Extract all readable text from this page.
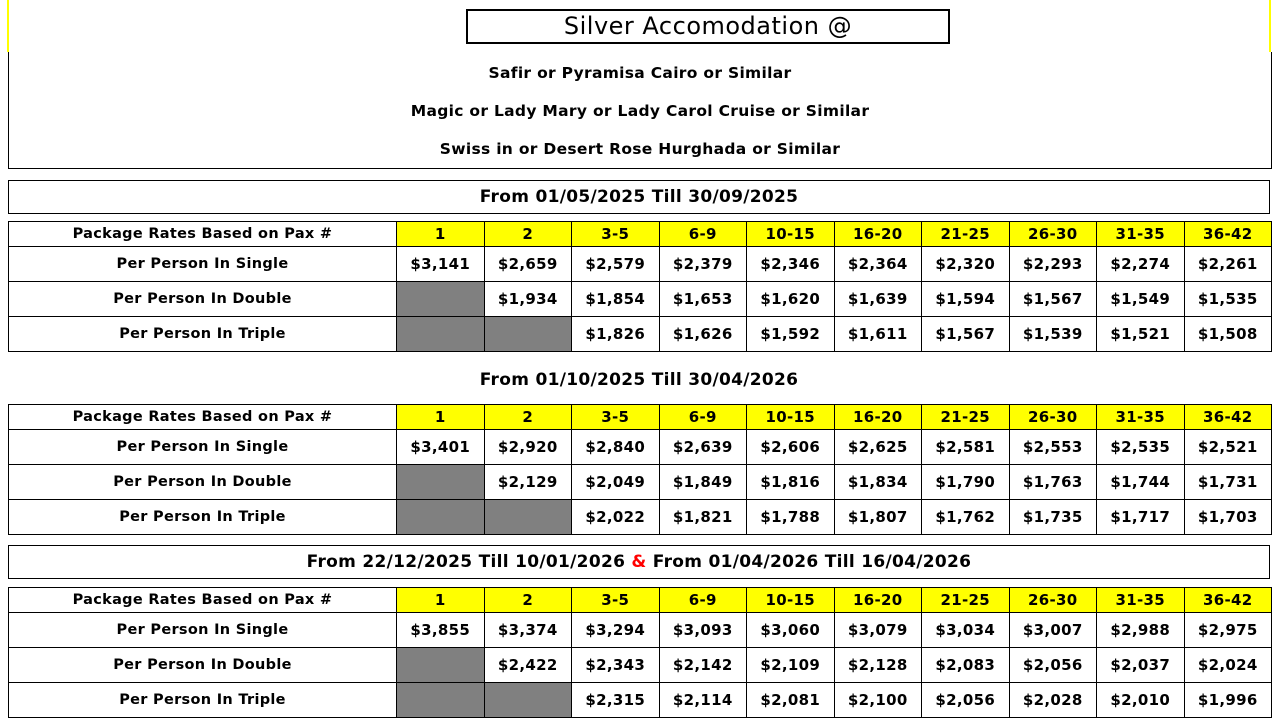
Silver Accomodation @
Safir or Pyramisa Cairo or Similar
Magic or Lady Mary or Lady Carol Cruise or Similar
Swiss in or Desert Rose Hurghada or Similar
From 01/05/2025 Till 30/09/2025
Package Rates Based on Pax #	1	2	3-5	6-9	10-15	16-20	21-25	26-30	31-35	36-42
Per Person In Single	$3,141	$2,659	$2,579	$2,379	$2,346	$2,364	$2,320	$2,293	$2,274	$2,261
Per Person In Double		$1,934	$1,854	$1,653	$1,620	$1,639	$1,594	$1,567	$1,549	$1,535
Per Person In Triple			$1,826	$1,626	$1,592	$1,611	$1,567	$1,539	$1,521	$1,508
From 01/10/2025 Till 30/04/2026
Package Rates Based on Pax #	1	2	3-5	6-9	10-15	16-20	21-25	26-30	31-35	36-42
Per Person In Single	$3,401	$2,920	$2,840	$2,639	$2,606	$2,625	$2,581	$2,553	$2,535	$2,521
Per Person In Double		$2,129	$2,049	$1,849	$1,816	$1,834	$1,790	$1,763	$1,744	$1,731
Per Person In Triple			$2,022	$1,821	$1,788	$1,807	$1,762	$1,735	$1,717	$1,703
From 22/12/2025 Till 10/01/2026 & From 01/04/2026 Till 16/04/2026
Package Rates Based on Pax #	1	2	3-5	6-9	10-15	16-20	21-25	26-30	31-35	36-42
Per Person In Single	$3,855	$3,374	$3,294	$3,093	$3,060	$3,079	$3,034	$3,007	$2,988	$2,975
Per Person In Double		$2,422	$2,343	$2,142	$2,109	$2,128	$2,083	$2,056	$2,037	$2,024
Per Person In Triple			$2,315	$2,114	$2,081	$2,100	$2,056	$2,028	$2,010	$1,996
